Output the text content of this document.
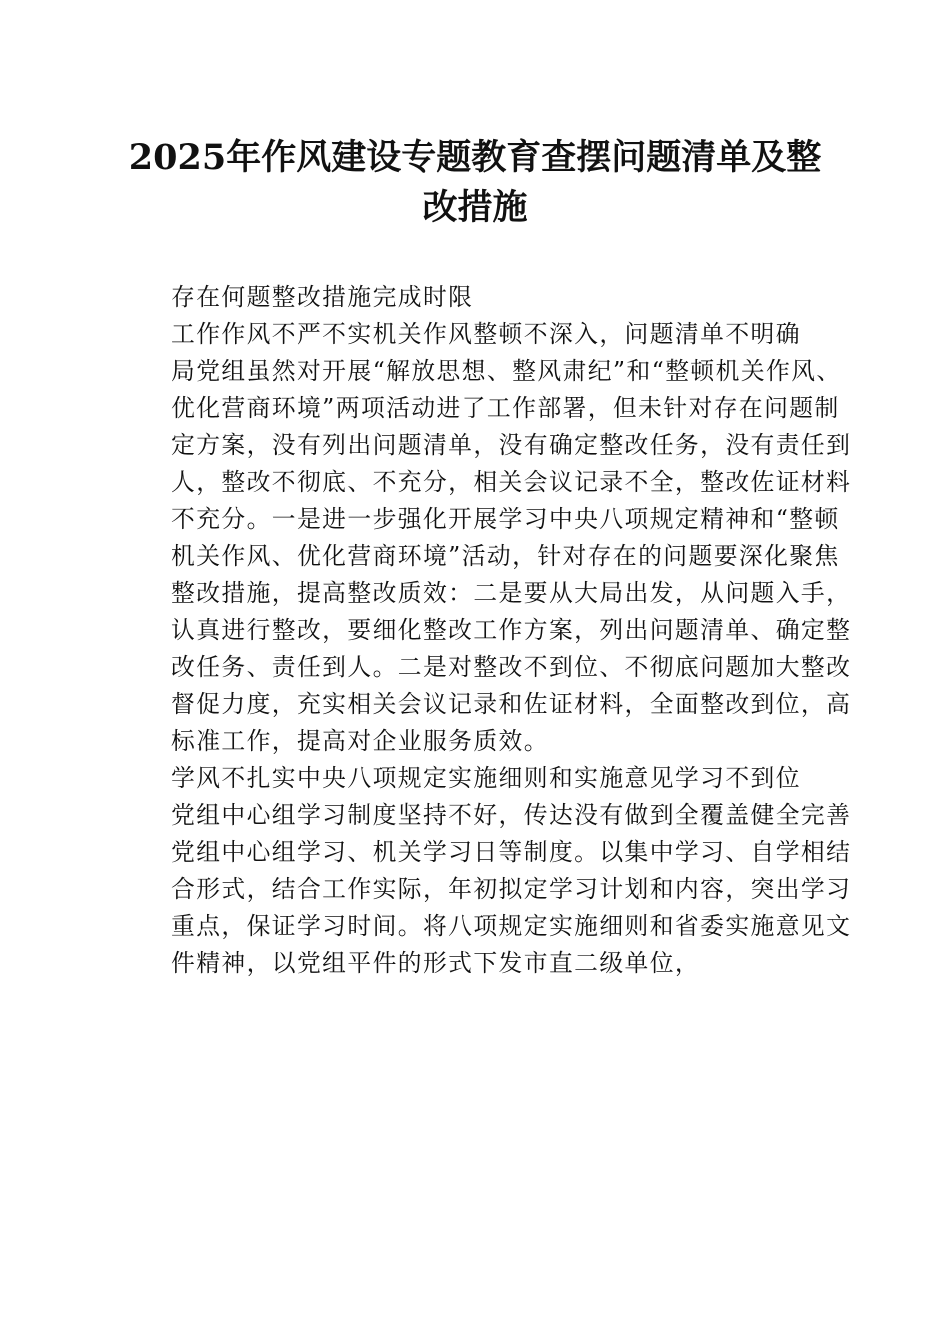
2025年作风建设专题教育查摆问题清单及整
改措施

存在何题整改措施完成时限

工作作风不严不实机关作风整顿不深入，问题清单不明确
局党组虽然对开展“解放思想、整风肃纪”和“整顿机关作风、
优化营商环境”两项活动进了工作部署，但未针对存在问题制
定方案，没有列出问题清单，没有确定整改任务，没有责任到
人，整改不彻底、不充分，相关会议记录不全，整改佐证材料
不充分。一是进一步强化开展学习中央八项规定精神和“整顿
机关作风、优化营商环境”活动，针对存在的问题要深化聚焦
整改措施，提高整改质效：二是要从大局出发，从问题入手，
认真进行整改，要细化整改工作方案，列出问题清单、确定整
改任务、责任到人。二是对整改不到位、不彻底问题加大整改
督促力度，充实相关会议记录和佐证材料，全面整改到位，高
标准工作，提高对企业服务质效。

学风不扎实中央八项规定实施细则和实施意见学习不到位
党组中心组学习制度坚持不好，传达没有做到全覆盖健全完善
党组中心组学习、机关学习日等制度。以集中学习、自学相结
合形式，结合工作实际，年初拟定学习计划和内容，突出学习
重点，保证学习时间。将八项规定实施细则和省委实施意见文
件精神，以党组平件的形式下发市直二级单位，
